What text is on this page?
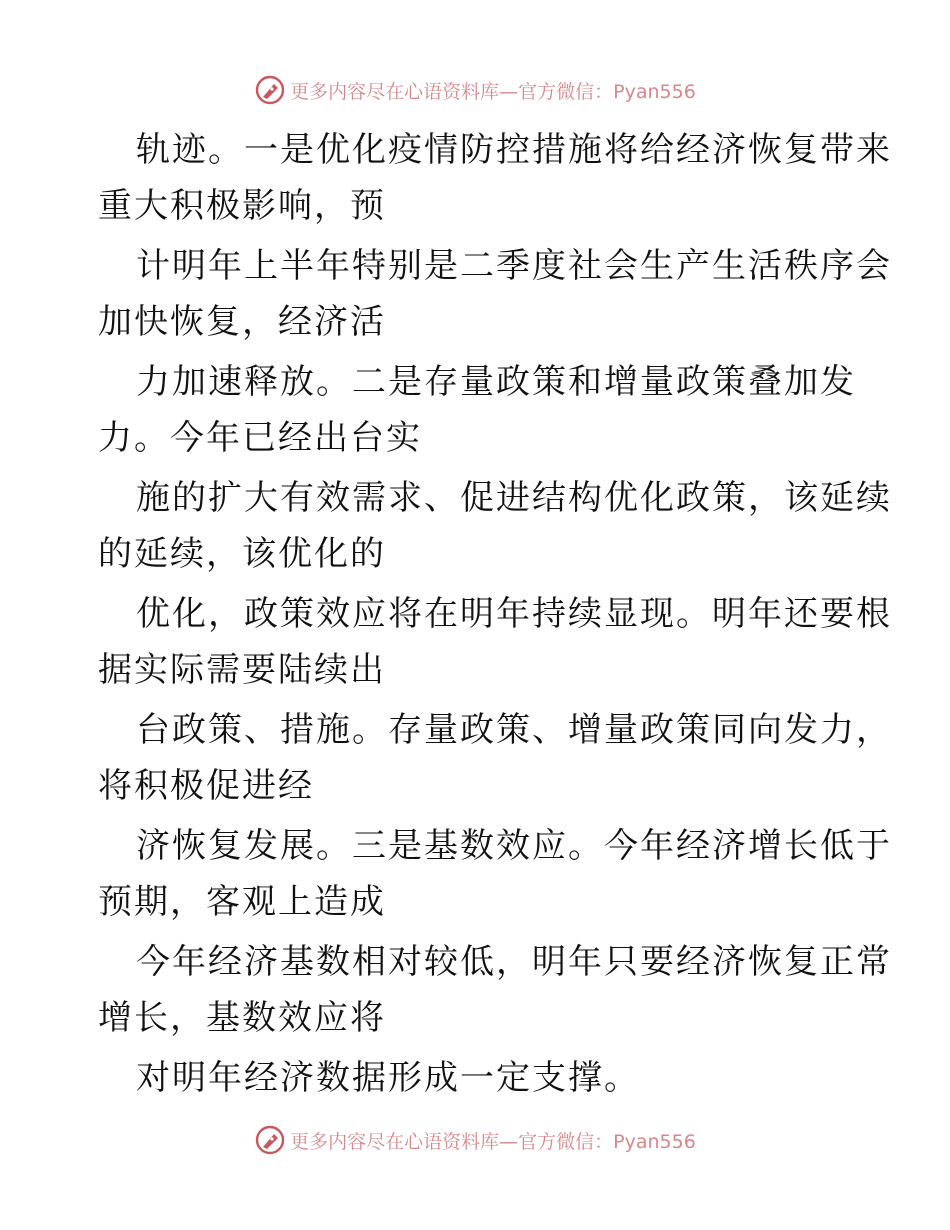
更多内容尽在心语资料库—官方微信：Pyan556
轨迹。一是优化疫情防控措施将给经济恢复带来
重大积极影响，预
计明年上半年特别是二季度社会生产生活秩序会
加快恢复，经济活
力加速释放。二是存量政策和增量政策叠加发
力。今年已经出台实
施的扩大有效需求、促进结构优化政策，该延续
的延续，该优化的
优化，政策效应将在明年持续显现。明年还要根
据实际需要陆续出
台政策、措施。存量政策、增量政策同向发力，
将积极促进经
济恢复发展。三是基数效应。今年经济增长低于
预期，客观上造成
今年经济基数相对较低，明年只要经济恢复正常
增长，基数效应将
对明年经济数据形成一定支撑。
更多内容尽在心语资料库—官方微信：Pyan556
